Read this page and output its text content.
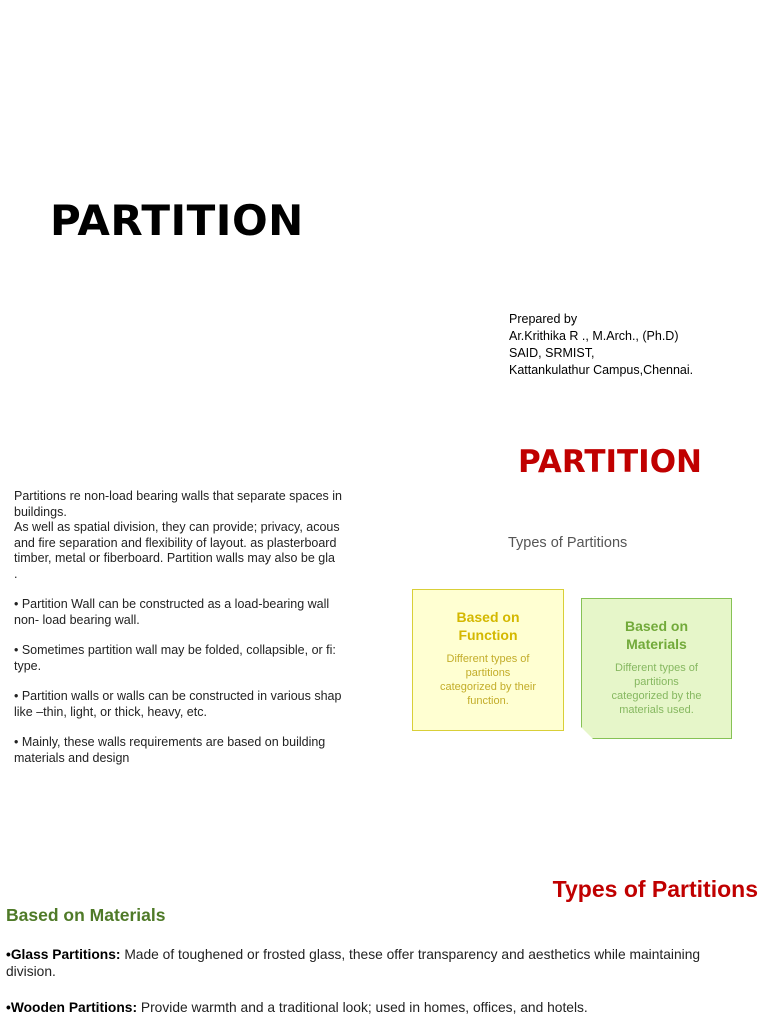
PARTITION
Prepared by
Ar.Krithika R ., M.Arch., (Ph.D)
SAID, SRMIST,
Kattankulathur Campus,Chennai.
PARTITION

Partitions re non-load bearing walls that separate spaces in

buildings.

As well as spatial division, they can provide; privacy, acous

and fire separation and flexibility of layout. as plasterboard

timber, metal or fiberboard. Partition walls may also be gla

.

• Partition Wall can be constructed as a load-bearing wall

non- load bearing wall.

• Sometimes partition wall may be folded, collapsible, or fi:

type.

• Partition walls or walls can be constructed in various shap

like –thin, light, or thick, heavy, etc.

• Mainly, these walls requirements are based on building

materials and design

Types of Partitions
Based on
Function
Different types of
partitions
categorized by their
function.
Based on
Materials
Different types of
partitions
categorized by the
materials used.
Types of Partitions
Based on Materials
•Glass Partitions: Made of toughened or frosted glass, these offer transparency and aesthetics while maintaining division.
•Wooden Partitions: Provide warmth and a traditional look; used in homes, offices, and hotels.
